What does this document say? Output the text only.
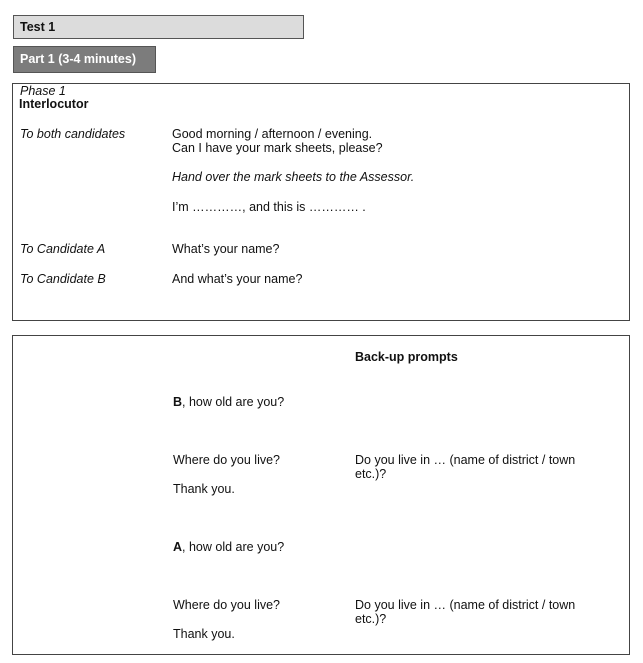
Test 1
Part 1 (3-4 minutes)
Phase 1
Interlocutor
To both candidates	Good morning / afternoon / evening.
Can I have your mark sheets, please?
Hand over the mark sheets to the Assessor.
I’m …………, and this is ………… .
To Candidate A	What’s your name?
To Candidate B	And what’s your name?
Back-up prompts
B, how old are you?
Where do you live?	Do you live in … (name of district / town
etc.)?
Thank you.
A, how old are you?
Where do you live?	Do you live in … (name of district / town
etc.)?
Thank you.
